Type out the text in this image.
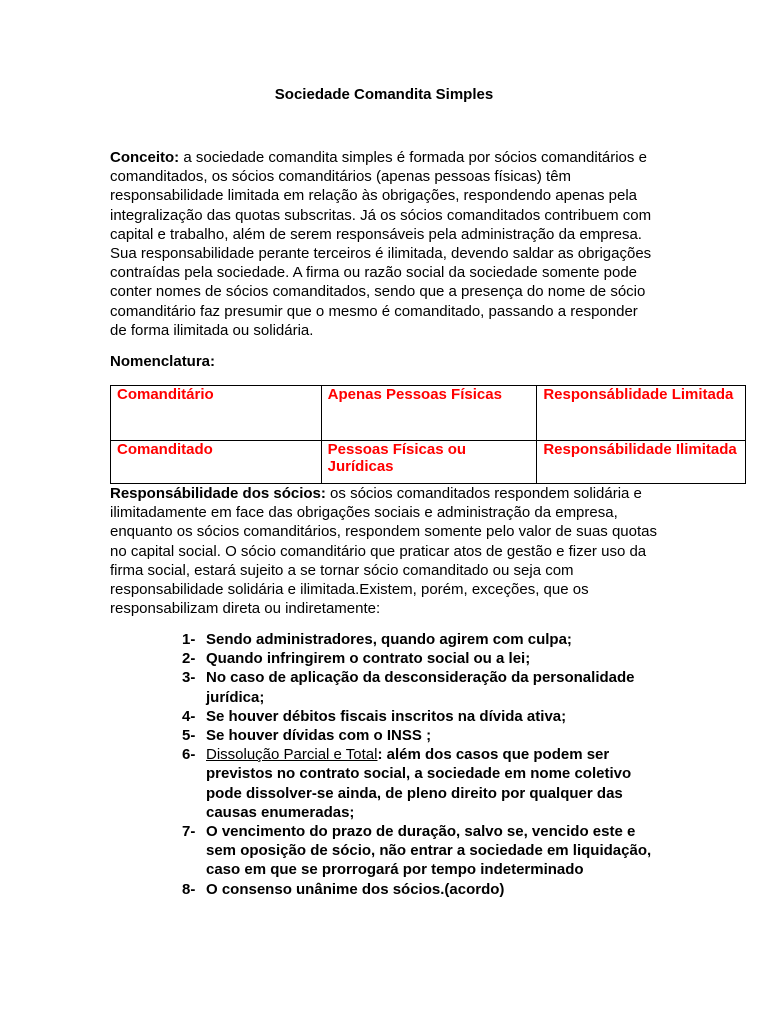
Sociedade Comandita Simples

Conceito: a sociedade comandita simples é formada por sócios comanditários e comanditados, os sócios comanditários (apenas pessoas físicas) têm responsabilidade limitada em relação às obrigações, respondendo apenas pela integralização das quotas subscritas. Já os sócios comanditados contribuem com capital e trabalho, além de serem responsáveis pela administração da empresa. Sua responsabilidade perante terceiros é ilimitada, devendo saldar as obrigações contraídas pela sociedade. A firma ou razão social da sociedade somente pode conter nomes de sócios comanditados, sendo que a presença do nome de sócio comanditário faz presumir que o mesmo é comanditado, passando a responder de forma ilimitada ou solidária.

Nomenclatura:

Comanditário	Apenas Pessoas Físicas	Responsáblidade Limitada
Comanditado	Pessoas Físicas ou Jurídicas	Responsábilidade Ilimitada

Responsábilidade dos sócios: os sócios comanditados respondem solidária e ilimitadamente em face das obrigações sociais e administração da empresa, enquanto os sócios comanditários, respondem somente pelo valor de suas quotas no capital social. O sócio comanditário que praticar atos de gestão e fizer uso da firma social, estará sujeito a se tornar sócio comanditado ou seja com responsabilidade solidária e ilimitada.Existem, porém, exceções, que os responsabilizam direta ou indiretamente:

1- Sendo administradores, quando agirem com culpa;
2- Quando infringirem o contrato social ou a lei;
3- No caso de aplicação da desconsideração da personalidade jurídica;
4- Se houver débitos fiscais inscritos na dívida ativa;
5- Se houver dívidas com o INSS ;
6- Dissolução Parcial e Total: além dos casos que podem ser previstos no contrato social, a sociedade em nome coletivo pode dissolver-se ainda, de pleno direito por qualquer das causas enumeradas;
7- O vencimento do prazo de duração, salvo se, vencido este e sem oposição de sócio, não entrar a sociedade em liquidação, caso em que se prorrogará por tempo indeterminado
8- O consenso unânime dos sócios.(acordo)
